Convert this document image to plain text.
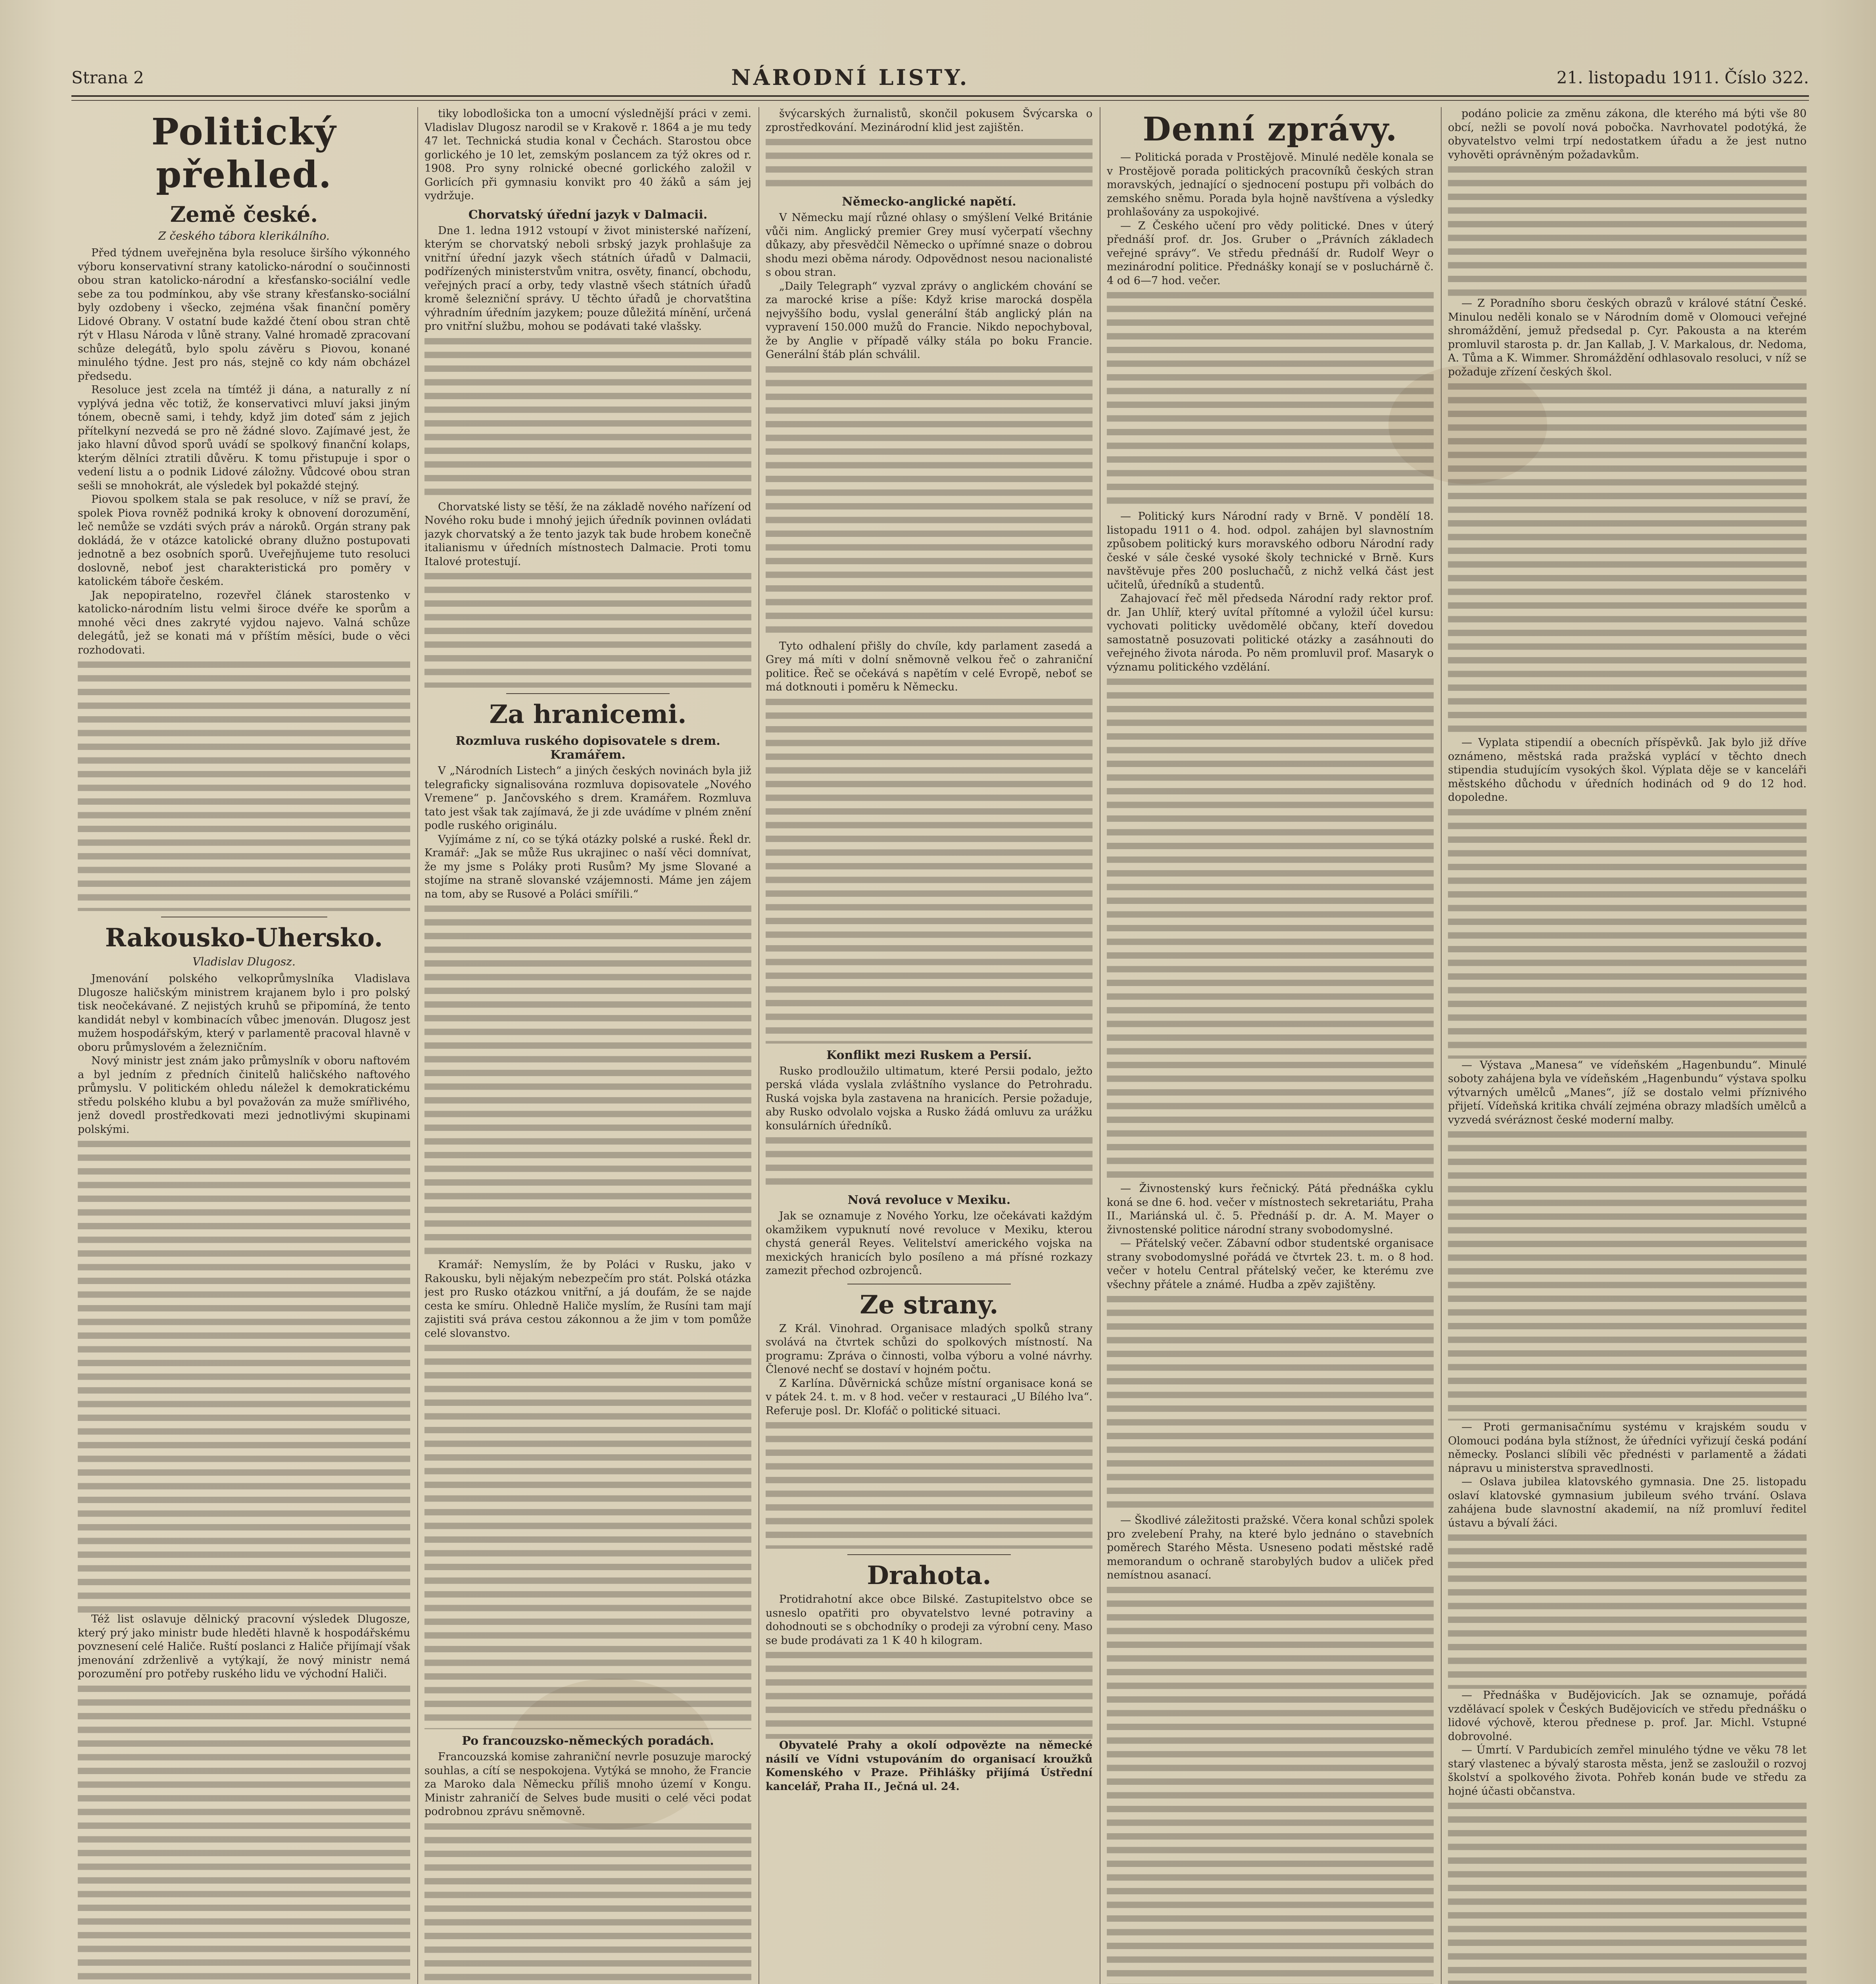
Strana 2	NÁRODNÍ LISTY.	21. listopadu 1911. Číslo 322.
Politický přehled.
Země české.
Z českého tábora klerikálního.

Před týdnem uveřejněna byla resoluce širšího výkonného výboru konservativní strany katolicko-národní o součinnosti obou stran katolicko-národní a křesťansko-sociální vedle sebe za tou podmínkou, aby vše strany křesťansko-sociální byly ozdobeny i všecko, zejména však finanční poměry Lidové Obrany. V ostatní bude každé čtení obou stran chtě rýt v Hlasu Národa v lůně strany. Valné hromadě zpracovaní schůze delegátů, bylo spolu závěru s Piovou, konané minulého týdne. Jest pro nás, stejně co kdy nám obcházel předsedu.

Resoluce jest zcela na tímtéž ji dána, a naturally z ní vyplývá jedna věc totiž, že konservativci mluví jaksi jiným tónem, obecně sami, i tehdy, když jim doteď sám z jejich přítelkyní nezvedá se pro ně žádné slovo. Zajímavé jest, že jako hlavní důvod sporů uvádí se spolkový finanční kolaps, kterým dělníci ztratili důvěru. K tomu přistupuje i spor o vedení listu a o podnik Lidové záložny. Vůdcové obou stran sešli se mnohokrát, ale výsledek byl pokaždé stejný.

Piovou spolkem stala se pak resoluce, v níž se praví, že spolek Piova rovněž podniká kroky k obnovení dorozumění, leč nemůže se vzdáti svých práv a nároků. Orgán strany pak dokládá, že v otázce katolické obrany dlužno postupovati jednotně a bez osobních sporů. Uveřejňujeme tuto resoluci doslovně, neboť jest charakteristická pro poměry v katolickém táboře českém.

Jak nepopiratelno, rozevřel článek starostenko v katolicko-národním listu velmi široce dvéře ke sporům a mnohé věci dnes zakryté vyjdou najevo. Valná schůze delegátů, jež se konati má v příštím měsíci, bude o věci rozhodovati.

Rakousko-Uhersko.
Vladislav Dlugosz.

Jmenování polského velkoprůmyslníka Vladislava Dlugosze haličským ministrem krajanem bylo i pro polský tisk neočekávané. Z nejistých kruhů se připomíná, že tento kandidát nebyl v kombinacích vůbec jmenován. Dlugosz jest mužem hospodářským, který v parlamentě pracoval hlavně v oboru průmyslovém a železničním.

Nový ministr jest znám jako průmyslník v oboru naftovém a byl jedním z předních činitelů haličského naftového průmyslu. V politickém ohledu náležel k demokratickému středu polského klubu a byl považován za muže smířlivého, jenž dovedl prostředkovati mezi jednotlivými skupinami polskými.

Též list oslavuje dělnický pracovní výsledek Dlugosze, který prý jako ministr bude hleděti hlavně k hospodářskému povznesení celé Haliče. Ruští poslanci z Haliče přijímají však jmenování zdrženlivě a vytýkají, že nový ministr nemá porozumění pro potřeby ruského lidu ve východní Haliči.

tiky lobodlošicka ton a umocní výslednější práci v zemi. Vladislav Dlugosz narodil se v Krakově r. 1864 a je mu tedy 47 let. Technická studia konal v Čechách. Starostou obce gorlického je 10 let, zemským poslancem za týž okres od r. 1908. Pro syny rolnické obecné gorlického založil v Gorlicích při gymnasiu konvikt pro 40 žáků a sám jej vydržuje.

Chorvatský úřední jazyk v Dalmacii.

Dne 1. ledna 1912 vstoupí v život ministerské nařízení, kterým se chorvatský neboli srbský jazyk prohlašuje za vnitřní úřední jazyk všech státních úřadů v Dalmacii, podřízených ministerstvům vnitra, osvěty, financí, obchodu, veřejných prací a orby, tedy vlastně všech státních úřadů kromě šelezniční správy. U těchto úřadů je chorvatština výhradním úředním jazykem; pouze důležitá mínění, určená pro vnitřní službu, mohou se podávati také vlašsky.

Chorvatské listy se těší, že na základě nového nařízení od Nového roku bude i mnohý jejich úředník povinnen ovládati jazyk chorvatský a že tento jazyk tak bude hrobem konečně italianismu v úředních místnostech Dalmacie. Proti tomu Italové protestují.

Za hranicemi.
Rozmluva ruského dopisovatele s drem. Kramářem.

V „Národních Listech“ a jiných českých novinách byla již telegraficky signalisována rozmluva dopisovatele „Nového Vremene“ p. Jančovského s drem. Kramářem. Rozmluva tato jest však tak zajímavá, že ji zde uvádíme v plném znění podle ruského originálu.

Vyjímáme z ní, co se týká otázky polské a ruské. Řekl dr. Kramář: „Jak se může Rus ukrajinec o naší věci domnívat, že my jsme s Poláky proti Rusům? My jsme Slované a stojíme na straně slovanské vzájemnosti. Máme jen zájem na tom, aby se Rusové a Poláci smířili.“

Kramář: Nemyslím, že by Poláci v Rusku, jako v Rakousku, byli nějakým nebezpečím pro stát. Polská otázka jest pro Rusko otázkou vnitřní, a já doufám, že se najde cesta ke smíru. Ohledně Haliče myslím, že Rusíni tam mají zajistiti svá práva cestou zákonnou a že jim v tom pomůže celé slovanstvo.

Po francouzsko-německých poradách.

Francouzská komise zahraniční nevrle posuzuje marocký souhlas, a cítí se nespokojena. Vytýká se mnoho, že Francie za Maroko dala Německu příliš mnoho území v Kongu. Ministr zahraničí de Selves bude musiti o celé věci podat podrobnou zprávu sněmovně.

švýcarských žurnalistů, skončil pokusem Švýcarska o zprostředkování. Mezinárodní klid jest zajištěn.

Německo-anglické napětí.

V Německu mají různé ohlasy o smýšlení Velké Británie vůči nim. Anglický premier Grey musí vyčerpatí všechny důkazy, aby přesvědčil Německo o upřímné snaze o dobrou shodu mezi oběma národy. Odpovědnost nesou nacionalisté s obou stran.

„Daily Telegraph“ vyzval zprávy o anglickém chování se za marocké krise a píše: Když krise marocká dospěla nejvyššího bodu, vyslal generální štáb anglický plán na vypravení 150.000 mužů do Francie. Nikdo nepochyboval, že by Anglie v případě války stála po boku Francie. Generální štáb plán schválil.

Tyto odhalení přišly do chvíle, kdy parlament zasedá a Grey má míti v dolní sněmovně velkou řeč o zahraniční politice. Řeč se očekává s napětím v celé Evropě, neboť se má dotknouti i poměru k Německu.

Konflikt mezi Ruskem a Persií.

Rusko prodloužilo ultimatum, které Persii podalo, ježto perská vláda vyslala zvláštního vyslance do Petrohradu. Ruská vojska byla zastavena na hranicích. Persie požaduje, aby Rusko odvolalo vojska a Rusko žádá omluvu za urážku konsulárních úředníků.

Nová revoluce v Mexiku.

Jak se oznamuje z Nového Yorku, lze očekávati každým okamžikem vypuknutí nové revoluce v Mexiku, kterou chystá generál Reyes. Velitelství amerického vojska na mexických hranicích bylo posíleno a má přísné rozkazy zamezit přechod ozbrojenců.

Ze strany.

Z Král. Vinohrad. Organisace mladých spolků strany svolává na čtvrtek schůzi do spolkových místností. Na programu: Zpráva o činnosti, volba výboru a volné návrhy. Členové nechť se dostaví v hojném počtu.

Z Karlína. Důvěrnická schůze místní organisace koná se v pátek 24. t. m. v 8 hod. večer v restauraci „U Bílého lva“. Referuje posl. Dr. Klofáč o politické situaci.

Drahota.

Protidrahotní akce obce Bilské. Zastupitelstvo obce se usneslo opatřiti pro obyvatelstvo levné potraviny a dohodnouti se s obchodníky o prodeji za výrobní ceny. Maso se bude prodávati za 1 K 40 h kilogram.

Obyvatelé Prahy a okolí odpovězte na německé násilí ve Vídni vstupováním do organisací kroužků Komenského v Praze. Přihlášky přijímá Ústřední kancelář, Praha II., Ječná ul. 24.

Denní zprávy.

— Politická porada v Prostějově. Minulé neděle konala se v Prostějově porada politických pracovníků českých stran moravských, jednající o sjednocení postupu při volbách do zemského sněmu. Porada byla hojně navštívena a výsledky prohlašovány za uspokojivé.

— Z Českého učení pro vědy politické. Dnes v úterý přednáší prof. dr. Jos. Gruber o „Právních základech veřejné správy“. Ve středu přednáší dr. Rudolf Weyr o mezinárodní politice. Přednášky konají se v posluchárně č. 4 od 6—7 hod. večer.

— Politický kurs Národní rady v Brně. V pondělí 18. listopadu 1911 o 4. hod. odpol. zahájen byl slavnostním způsobem politický kurs moravského odboru Národní rady české v sále české vysoké školy technické v Brně. Kurs navštěvuje přes 200 posluchačů, z nichž velká část jest učitelů, úředníků a studentů.

Zahajovací řeč měl předseda Národní rady rektor prof. dr. Jan Uhlíř, který uvítal přítomné a vyložil účel kursu: vychovati politicky uvědomělé občany, kteří dovedou samostatně posuzovati politické otázky a zasáhnouti do veřejného života národa. Po něm promluvil prof. Masaryk o významu politického vzdělání.

— Živnostenský kurs řečnický. Pátá přednáška cyklu koná se dne 6. hod. večer v místnostech sekretariátu, Praha II., Mariánská ul. č. 5. Přednáší p. dr. A. M. Mayer o živnostenské politice národní strany svobodomyslné.

— Přátelský večer. Zábavní odbor studentské organisace strany svobodomyslné pořádá ve čtvrtek 23. t. m. o 8 hod. večer v hotelu Central přátelský večer, ke kterému zve všechny přátele a známé. Hudba a zpěv zajištěny.

— Škodlivé záležitosti pražské. Včera konal schůzi spolek pro zvelebení Prahy, na které bylo jednáno o stavebních poměrech Starého Města. Usneseno podati městské radě memorandum o ochraně starobylých budov a uliček před nemístnou asanací.

podáno policie za změnu zákona, dle kterého má býti vše 80 obcí, nežli se povolí nová pobočka. Navrhovatel podotýká, že obyvatelstvo velmi trpí nedostatkem úřadu a že jest nutno vyhověti oprávněným požadavkům.

— Z Poradního sboru českých obrazů v králové státní České. Minulou neděli konalo se v Národním domě v Olomouci veřejné shromáždění, jemuž předsedal p. Cyr. Pakousta a na kterém promluvil starosta p. dr. Jan Kallab, J. V. Markalous, dr. Nedoma, A. Tůma a K. Wimmer. Shromáždění odhlasovalo resoluci, v níž se požaduje zřízení českých škol.

— Vyplata stipendií a obecních příspěvků. Jak bylo již dříve oznámeno, městská rada pražská vyplácí v těchto dnech stipendia studujícím vysokých škol. Výplata děje se v kanceláři městského důchodu v úředních hodinách od 9 do 12 hod. dopoledne.

— Výstava „Manesa“ ve vídeňském „Hagenbundu“. Minulé soboty zahájena byla ve vídeňském „Hagenbundu“ výstava spolku výtvarných umělců „Manes“, jíž se dostalo velmi příznivého přijetí. Vídeňská kritika chválí zejména obrazy mladších umělců a vyzvedá svéráznost české moderní malby.

— Proti germanisačnímu systému v krajském soudu v Olomouci podána byla stížnost, že úředníci vyřizují česká podání německy. Poslanci slíbili věc přednésti v parlamentě a žádati nápravu u ministerstva spravedlnosti.

— Oslava jubilea klatovského gymnasia. Dne 25. listopadu oslaví klatovské gymnasium jubileum svého trvání. Oslava zahájena bude slavnostní akademií, na níž promluví ředitel ústavu a bývalí žáci.

— Přednáška v Budějovicích. Jak se oznamuje, pořádá vzdělávací spolek v Českých Budějovicích ve středu přednášku o lidové výchově, kterou přednese p. prof. Jar. Michl. Vstupné dobrovolné.

— Úmrtí. V Pardubicích zemřel minulého týdne ve věku 78 let starý vlastenec a bývalý starosta města, jenž se zasloužil o rozvoj školství a spolkového života. Pohřeb konán bude ve středu za hojné účasti občanstva.
